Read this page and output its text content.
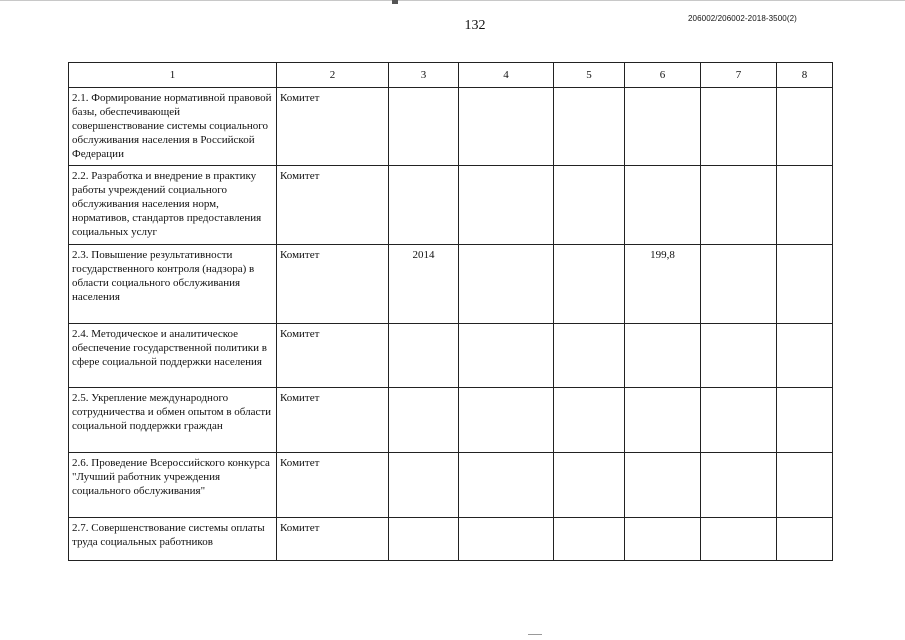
132	206002/206002-2018-3500(2)
1	2	3	4	5	6	7	8
2.1. Формирование нормативной правовой базы, обеспечивающей совершенствование системы социального обслуживания населения в Российской Федерации	Комитет						
2.2. Разработка и внедрение в практику работы учреждений социального обслуживания населения норм, нормативов, стандартов предоставления социальных услуг	Комитет						
2.3. Повышение результативности государственного контроля (надзора) в области социального обслуживания населения	Комитет	2014			199,8		
2.4. Методическое и аналитическое обеспечение государственной политики в сфере социальной поддержки населения	Комитет						
2.5. Укрепление международного сотрудничества и обмен опытом в области социальной поддержки граждан	Комитет						
2.6. Проведение Всероссийского конкурса "Лучший работник учреждения социального обслуживания"	Комитет						
2.7. Совершенствование системы оплаты труда социальных работников	Комитет						
